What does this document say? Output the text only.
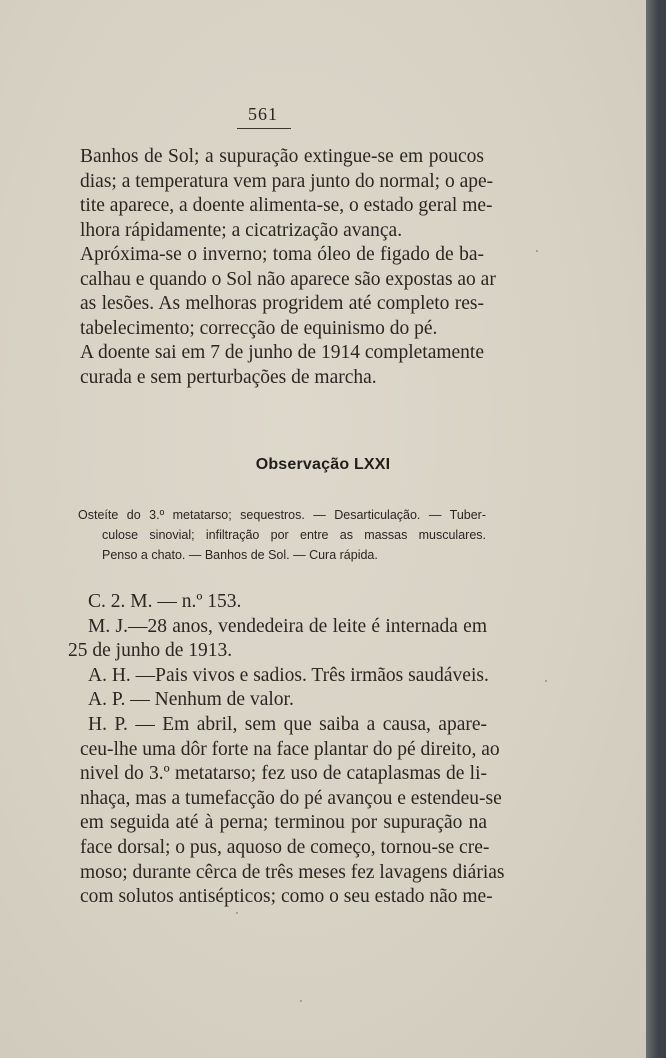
561

Banhos de Sol; a supuração extingue-se em poucos
dias; a temperatura vem para junto do normal; o ape-
tite aparece, a doente alimenta-se, o estado geral me-
lhora rápidamente; a cicatrização avança.

Apróxima-se o inverno; toma óleo de figado de ba-
calhau e quando o Sol não aparece são expostas ao ar
as lesões. As melhoras progridem até completo res-
tabelecimento; correcção de equinismo do pé.

A doente sai em 7 de junho de 1914 completamente
curada e sem perturbações de marcha.

Observação LXXI
Osteíte do 3.º metatarso; sequestros. — Desarticulação. — Tuber-
culose sinovial; infiltração por entre as massas musculares.
Penso a chato. — Banhos de Sol. — Cura rápida.

C. 2. M. — n.º 153.

M. J.—28 anos, vendedeira de leite é internada em
25 de junho de 1913.

A. H. —Pais vivos e sadios. Três irmãos saudáveis.

A. P. — Nenhum de valor.

H. P. — Em abril, sem que saiba a causa, apare-
ceu-lhe uma dôr forte na face plantar do pé direito, ao
nivel do 3.º metatarso; fez uso de cataplasmas de li-
nhaça, mas a tumefacção do pé avançou e estendeu-se
em seguida até à perna; terminou por supuração na
face dorsal; o pus, aquoso de começo, tornou-se cre-
moso; durante cêrca de três meses fez lavagens diárias
com solutos antisépticos; como o seu estado não me-
